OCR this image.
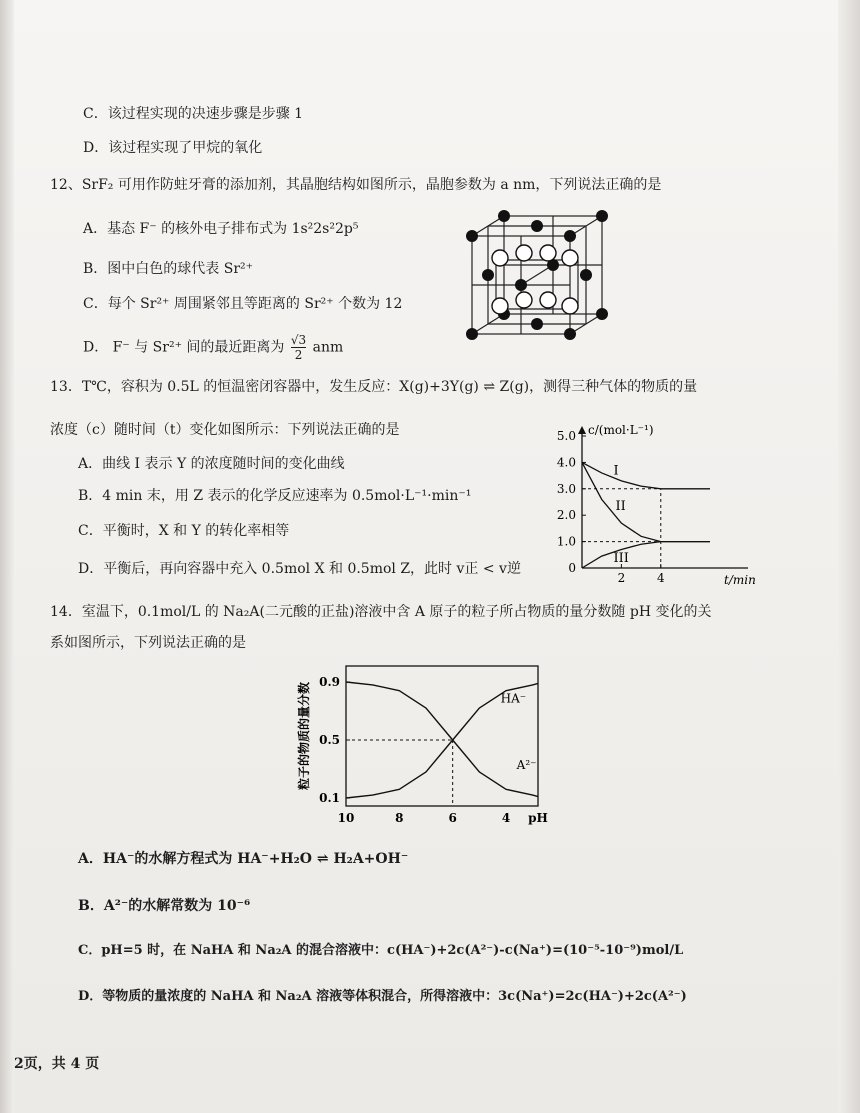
C．该过程实现的决速步骤是步骤 1
D．该过程实现了甲烷的氧化
12、SrF₂ 可用作防蛀牙膏的添加剂，其晶胞结构如图所示，晶胞参数为 a nm，下列说法正确的是
A．基态 F⁻ 的核外电子排布式为 1s²2s²2p⁵
B．图中白色的球代表 Sr²⁺
C．每个 Sr²⁺ 周围紧邻且等距离的 Sr²⁺ 个数为 12
D． F⁻ 与 Sr²⁺ 间的最近距离为 $\frac{√3}{2}$ anm
13．T℃，容积为 0.5L 的恒温密闭容器中，发生反应：X(g)+3Y(g) ⇌ Z(g)，测得三种气体的物质的量
浓度（c）随时间（t）变化如图所示：下列说法正确的是
A．曲线 I 表示 Y 的浓度随时间的变化曲线
B．4 min 末，用 Z 表示的化学反应速率为 0.5mol·L⁻¹·min⁻¹
C．平衡时，X 和 Y 的转化率相等
D．平衡后，再向容器中充入 0.5mol X 和 0.5mol Z，此时 v正 < v逆
c/(mol·L⁻¹)
t/min
0
1.0
2.0
3.0
4.0
5.0
2	4
I
II
III
14．室温下，0.1mol/L 的 Na₂A(二元酸的正盐)溶液中含 A 原子的粒子所占物质的量分数随 pH 变化的关
系如图所示，下列说法正确的是
粒子的物质的量分数
0.1
0.5
0.9
10	8	6	4 pH
HA⁻
A²⁻
A．HA⁻的水解方程式为 HA⁻+H₂O ⇌ H₂A+OH⁻
B．A²⁻的水解常数为 10⁻⁶
C．pH=5 时，在 NaHA 和 Na₂A 的混合溶液中：c(HA⁻)+2c(A²⁻)-c(Na⁺)=(10⁻⁵-10⁻⁹)mol/L
D．等物质的量浓度的 NaHA 和 Na₂A 溶液等体积混合，所得溶液中：3c(Na⁺)=2c(HA⁻)+2c(A²⁻)
2页，共 4 页
